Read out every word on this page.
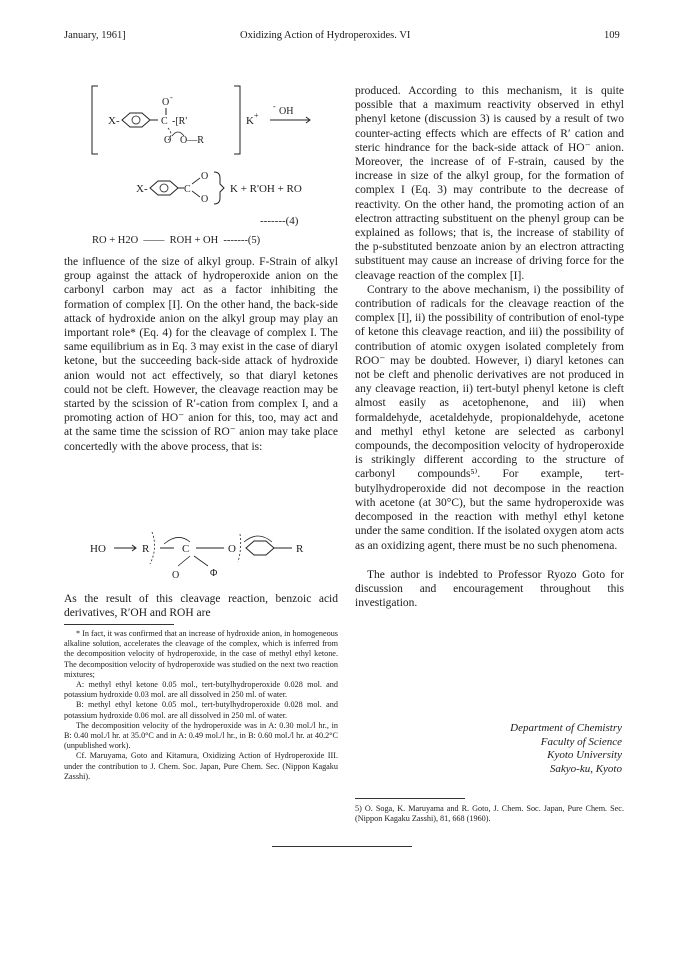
January, 1961]	Oxidizing Action of Hydroperoxides. VI	109
X-
O -
C -[R'
O O—R
K + OH
-
X-	C
O
O
K + R'OH + RO
-------(4)
RO + H2O  ——  ROH + OH  -------(5)

the influence of the size of alkyl group. F-Strain of alkyl group against the attack of hydroperoxide anion on the carbonyl carbon may act as a factor inhibiting the formation of complex [I]. On the other hand, the back-side attack of hydroxide anion on the alkyl group may play an important role* (Eq. 4) for the cleavage of complex I. The same equilibrium as in Eq. 3 may exist in the case of diaryl ketone, but the succeeding back-side attack of hydroxide anion would not act effectively, so that diaryl ketones could not be cleft. However, the cleavage reaction may be started by the scission of R′-cation from complex I, and a promoting action of HO⁻ anion for this, too, may act and at the same time the scission of RO⁻ anion may take place concertedly with the above process, that is:

HO	R	C
O	Φ
O	R

As the result of this cleavage reaction, benzoic acid derivatives, R′OH and ROH are

* In fact, it was confirmed that an increase of hydroxide anion, in homogeneous alkaline solution, accelerates the cleavage of the complex, which is inferred from the decomposition velocity of hydroperoxide, in the case of methyl ethyl ketone. The decomposition velocity of hydroperoxide was studied on the next two reaction mixtures;

A: methyl ethyl ketone 0.05 mol., tert-butylhydroperoxide 0.028 mol. and potassium hydroxide 0.03 mol. are all dissolved in 250 ml. of water.

B: methyl ethyl ketone 0.05 mol., tert-butylhydroperoxide 0.028 mol. and potassium hydroxide 0.06 mol. are all dissolved in 250 ml. of water.

The decomposition velocity of the hydroperoxide was in A: 0.30 mol./l hr., in B: 0.40 mol./l hr. at 35.0°C and in A: 0.49 mol./l hr., in B: 0.60 mol./l hr. at 40.2°C (unpublished work).

Cf. Maruyama, Goto and Kitamura, Oxidizing Action of Hydroperoxide III. under the contribution to J. Chem. Soc. Japan, Pure Chem. Sec. (Nippon Kagaku Zasshi).

produced. According to this mechanism, it is quite possible that a maximum reactivity observed in ethyl phenyl ketone (discussion 3) is caused by a result of two counter-acting effects which are effects of R′ cation and steric hindrance for the back-side attack of HO⁻ anion. Moreover, the increase of of F-strain, caused by the increase in size of the alkyl group, for the formation of complex I (Eq. 3) may contribute to the decrease of reactivity. On the other hand, the promoting action of an electron attracting substituent on the phenyl group can be explained as follows; that is, the increase of stability of the p-substituted benzoate anion by an electron attracting substituent may cause an increase of driving force for the cleavage reaction of the complex [I].

Contrary to the above mechanism, i) the possibility of contribution of radicals for the cleavage reaction of the complex [I], ii) the possibility of contribution of enol-type of ketone this cleavage reaction, and iii) the possibility of contribution of atomic oxygen isolated completely from ROO⁻ may be doubted. However, i) diaryl ketones can not be cleft and phenolic derivatives are not produced in any cleavage reaction, ii) tert-butyl phenyl ketone is cleft almost easily as acetophenone, and iii) when formaldehyde, acetaldehyde, propionaldehyde, acetone and methyl ethyl ketone are selected as carbonyl compounds, the decomposition velocity of hydroperoxide is strikingly different according to the structure of carbonyl compounds⁵⁾. For example, tert-butylhydroperoxide did not decompose in the reaction with acetone (at 30°C), but the same hydroperoxide was decomposed in the reaction with methyl ethyl ketone under the same condition. If the isolated oxygen atom acts as an oxidizing agent, there must be no such phenomena.

The author is indebted to Professor Ryozo Goto for discussion and encouragement throughout this investigation.

Department of Chemistry
Faculty of Science
Kyoto University
Sakyo-ku, Kyoto

5) O. Soga, K. Maruyama and R. Goto, J. Chem. Soc. Japan, Pure Chem. Sec. (Nippon Kagaku Zasshi), 81, 668 (1960).
